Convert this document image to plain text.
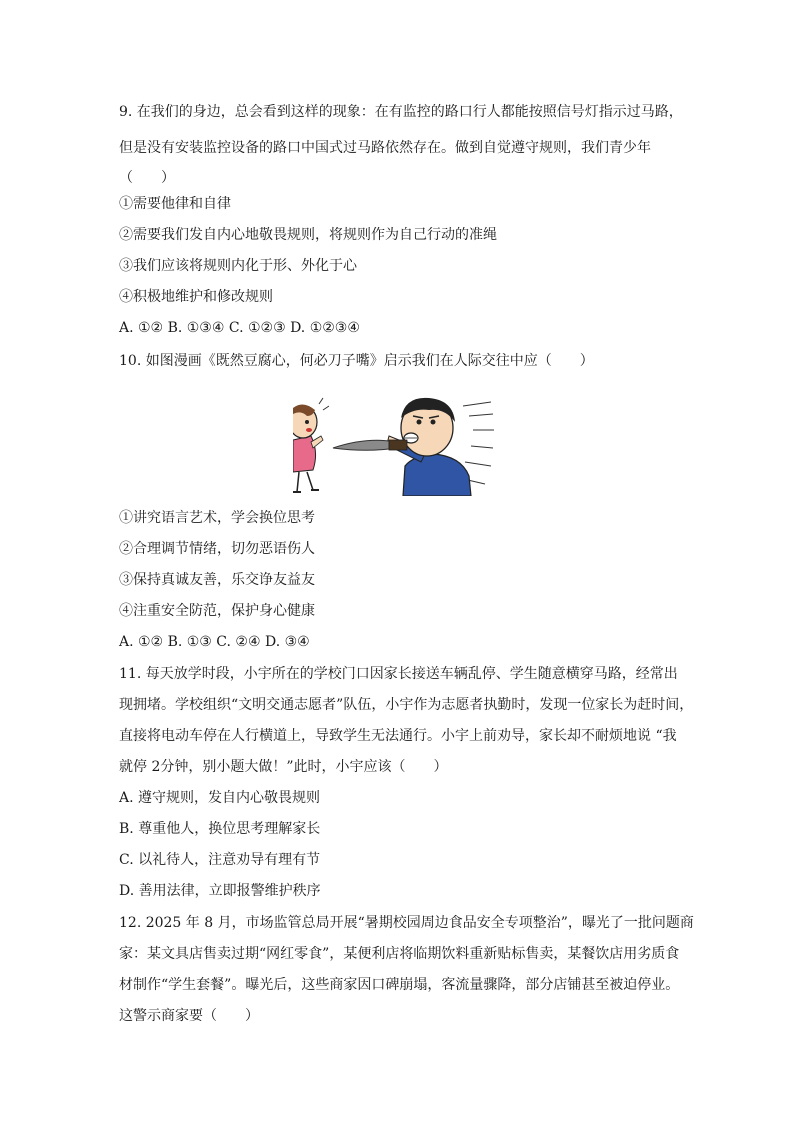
9. 在我们的身边，总会看到这样的现象：在有监控的路口行人都能按照信号灯指示过马路，

但是没有安装监控设备的路口中国式过马路依然存在。做到自觉遵守规则，我们青少年

（　　）

①需要他律和自律

②需要我们发自内心地敬畏规则，将规则作为自己行动的准绳

③我们应该将规则内化于形、外化于心

④积极地维护和修改规则

A. ①② B. ①③④ C. ①②③ D. ①②③④

10. 如图漫画《既然豆腐心，何必刀子嘴》启示我们在人际交往中应（　　）

①讲究语言艺术，学会换位思考

②合理调节情绪，切勿恶语伤人

③保持真诚友善，乐交诤友益友

④注重安全防范，保护身心健康

A. ①② B. ①③ C. ②④ D. ③④

11. 每天放学时段，小宇所在的学校门口因家长接送车辆乱停、学生随意横穿马路，经常出

现拥堵。学校组织“文明交通志愿者”队伍，小宇作为志愿者执勤时，发现一位家长为赶时间，

直接将电动车停在人行横道上，导致学生无法通行。小宇上前劝导，家长却不耐烦地说 “我

就停 2分钟，别小题大做！”此时，小宇应该（　　）

A. 遵守规则，发自内心敬畏规则

B. 尊重他人，换位思考理解家长

C. 以礼待人，注意劝导有理有节

D. 善用法律，立即报警维护秩序

12. 2025 年 8 月，市场监管总局开展“暑期校园周边食品安全专项整治”，曝光了一批问题商

家：某文具店售卖过期“网红零食”，某便利店将临期饮料重新贴标售卖，某餐饮店用劣质食

材制作“学生套餐”。曝光后，这些商家因口碑崩塌，客流量骤降，部分店铺甚至被迫停业。

这警示商家要（　　）
